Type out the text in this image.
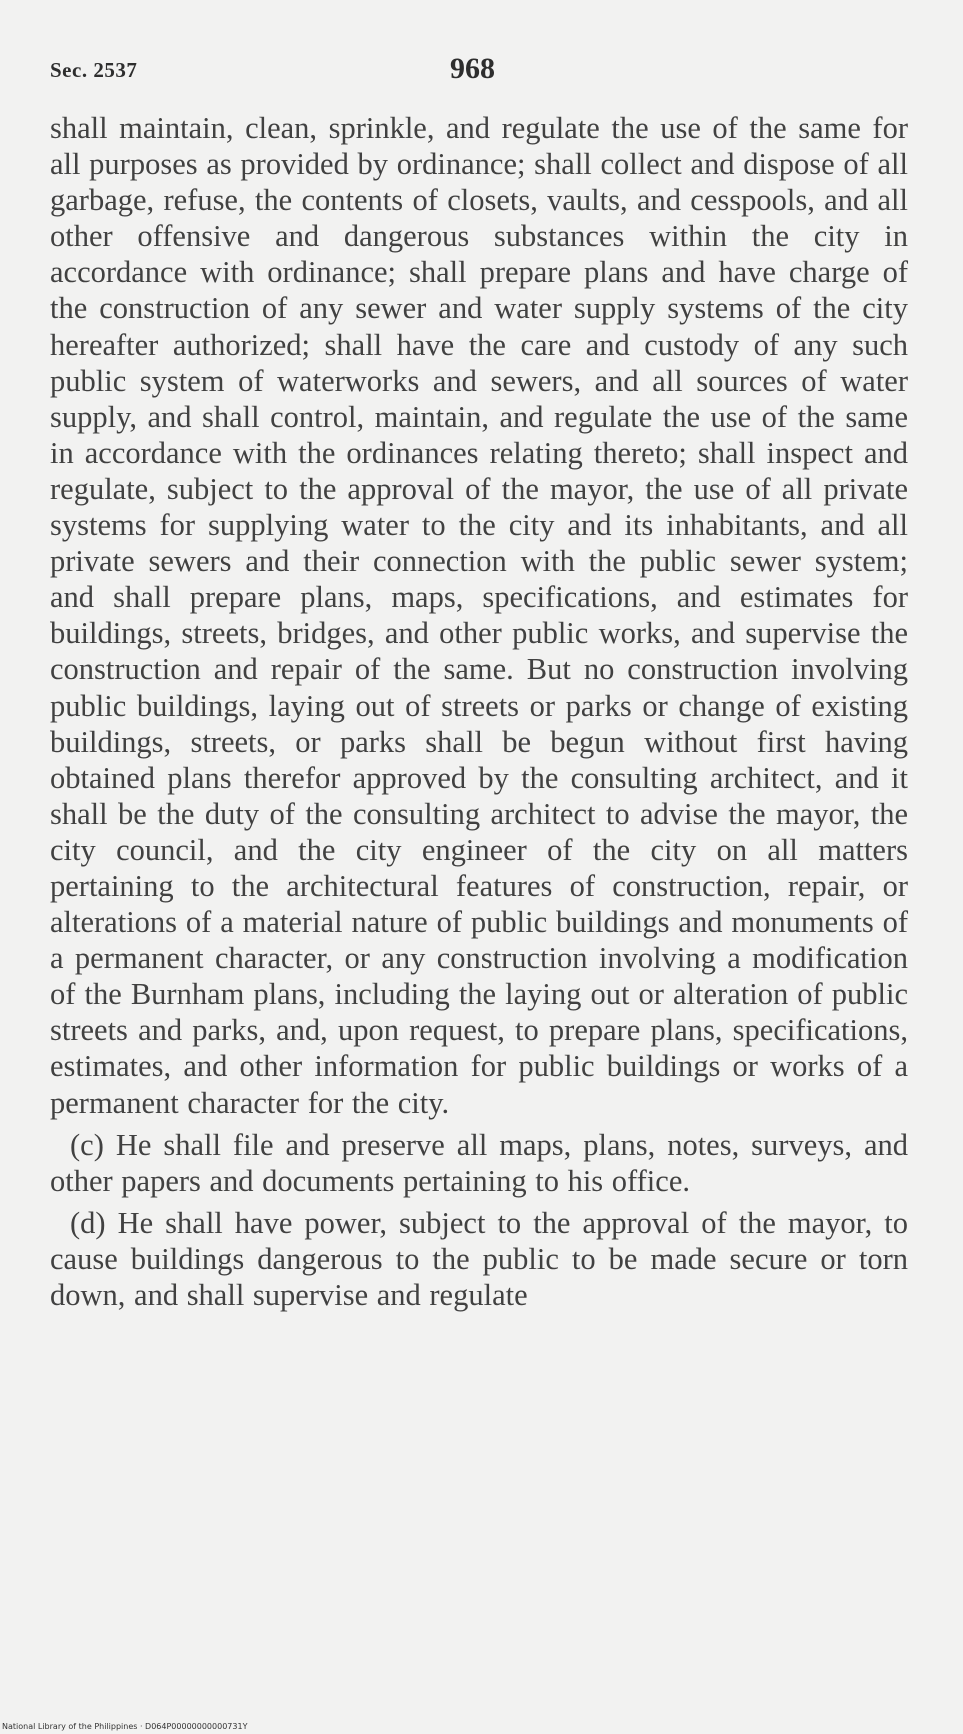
Sec. 2537	968

shall maintain, clean, sprinkle, and regulate the use of the same for all purposes as provided by ordinance; shall collect and dispose of all garbage, refuse, the contents of closets, vaults, and cesspools, and all other offensive and dangerous substances within the city in accordance with ordinance; shall prepare plans and have charge of the construction of any sewer and water supply systems of the city hereafter authorized; shall have the care and custody of any such public system of waterworks and sewers, and all sources of water supply, and shall control, maintain, and regulate the use of the same in accordance with the ordinances relating thereto; shall inspect and regulate, subject to the approval of the mayor, the use of all private systems for supplying water to the city and its inhabitants, and all private sewers and their connection with the public sewer system; and shall prepare plans, maps, specifications, and estimates for buildings, streets, bridges, and other public works, and supervise the construction and repair of the same. But no construction involving public buildings, laying out of streets or parks or change of existing buildings, streets, or parks shall be begun without first having obtained plans therefor approved by the consulting architect, and it shall be the duty of the consulting architect to advise the mayor, the city council, and the city engineer of the city on all matters pertaining to the architectural features of construction, repair, or alterations of a material nature of public buildings and monuments of a permanent character, or any construction involving a modification of the Burnham plans, including the laying out or alteration of public streets and parks, and, upon request, to prepare plans, specifications, estimates, and other information for public buildings or works of a permanent character for the city.

(c) He shall file and preserve all maps, plans, notes, surveys, and other papers and documents pertaining to his office.

(d) He shall have power, subject to the approval of the mayor, to cause buildings dangerous to the public to be made secure or torn down, and shall supervise and regulate

National Library of the Philippines · D064P00000000000731Y
